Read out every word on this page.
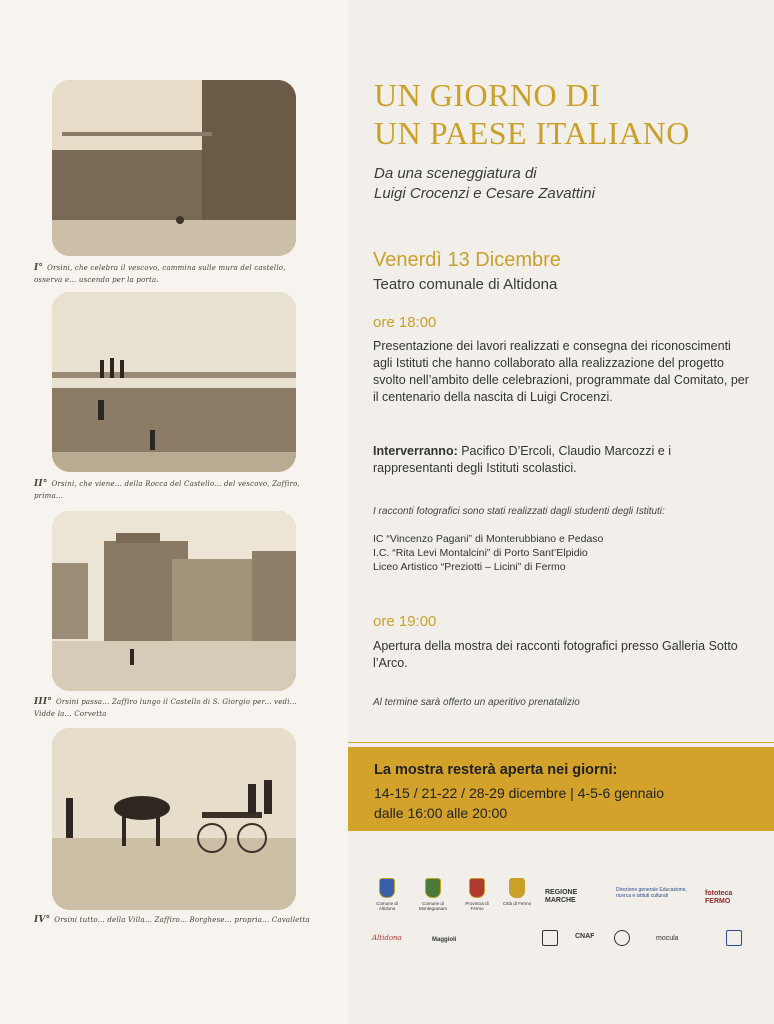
I° Orsini, che celebra il vescovo, cammina sulle mura del castello, osserva e... uscendo per la porta.
II° Orsini, che viene... della Rocca del Castello... del vescovo, Zaffiro, prima...
III° Orsini passa... Zaffiro lungo il Castello di S. Giorgio per... vedi... Vidde la... Corvetta
IV° Orsini tutto... della Villa... Zaffiro... Borghese... propria... Cavalletta
UN GIORNO DI
UN PAESE ITALIANO
Da una sceneggiatura di
Luigi Crocenzi e Cesare Zavattini
Venerdì 13 Dicembre
Teatro comunale di Altidona
ore 18:00
Presentazione dei lavori realizzati e consegna dei riconoscimenti agli Istituti che hanno collaborato alla realizzazione del progetto svolto nell’ambito delle celebrazioni, programmate dal Comitato, per il centenario della nascita di Luigi Crocenzi.
Interverranno: Pacifico D’Ercoli, Claudio Marcozzi e i rappresentanti degli Istituti scolastici.
I racconti fotografici sono stati realizzati dagli studenti degli Istituti:
IC “Vincenzo Pagani” di Monterubbiano e Pedaso
I.C. “Rita Levi Montalcini” di Porto Sant’Elpidio
Liceo Artistico “Preziotti – Licini” di Fermo
ore 19:00
Apertura della mostra dei racconti fotografici presso Galleria Sotto l’Arco.
Al termine sarà offerto un aperitivo prenatalizio
La mostra resterà aperta nei giorni:
14-15 / 21-22 / 28-29 dicembre | 4-5-6 gennaio
dalle 16:00 alle 20:00
Comune di Altidona
Comune di Montegranaro
Provincia di Fermo
Città di Fermo
REGIONE MARCHE
Direzione generale Educazione, ricerca e istituti culturali	fototeca FERMO
Altidona	Maggioli	CNAF	mocula
